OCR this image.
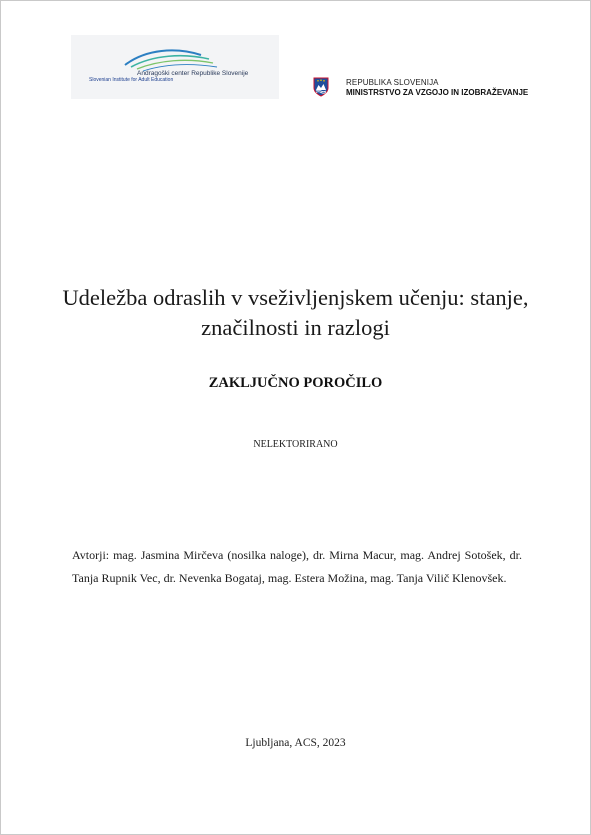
Andragoški center Republike Slovenije
Slovenian Institute for Adult Education	REPUBLIKA SLOVENIJA
MINISTRSTVO ZA VZGOJO IN IZOBRAŽEVANJE
Udeležba odraslih v vseživljenjskem učenju: stanje, značilnosti in razlogi
ZAKLJUČNO POROČILO
NELEKTORIRANO
Avtorji: mag. Jasmina Mirčeva (nosilka naloge), dr. Mirna Macur, mag. Andrej Sotošek, dr. Tanja Rupnik Vec, dr. Nevenka Bogataj, mag. Estera Možina, mag. Tanja Vilič Klenovšek.
Ljubljana, ACS, 2023
